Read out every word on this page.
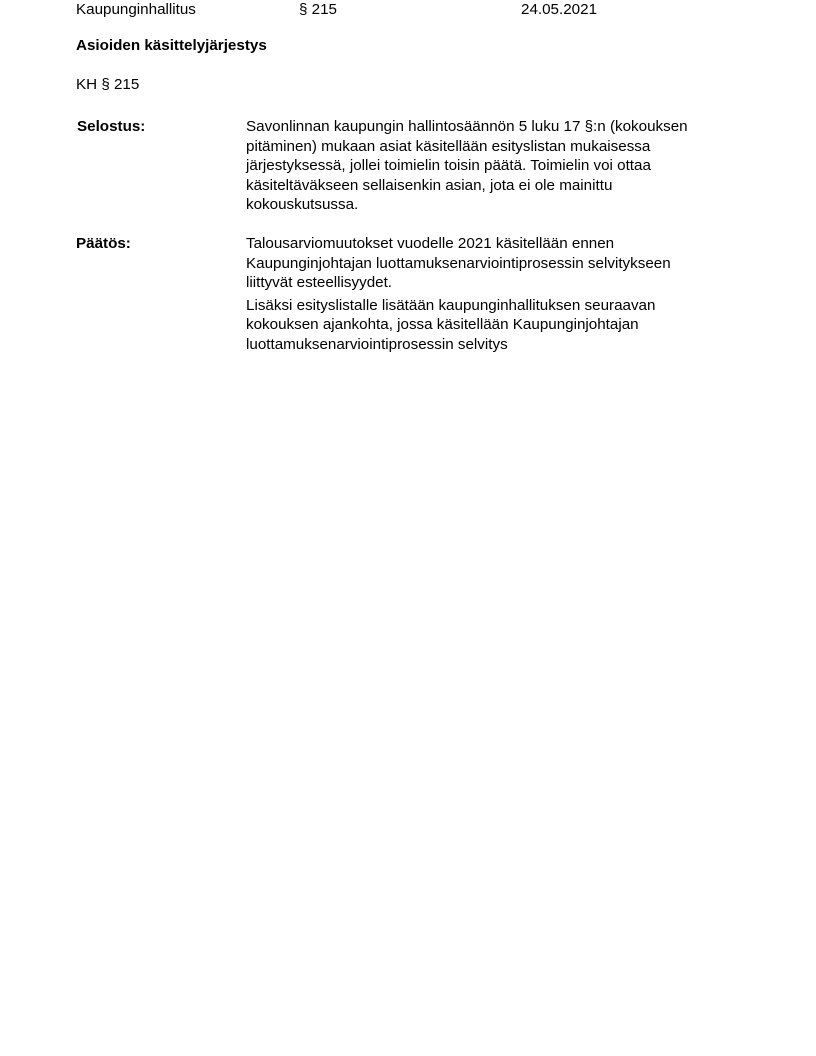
Kaupunginhallitus	§ 215	24.05.2021
Asioiden käsittelyjärjestys
KH § 215
Selostus:	Savonlinnan kaupungin hallintosäännön 5 luku 17 §:n (kokouksen
pitäminen) mukaan asiat käsitellään esityslistan mukaisessa
järjestyksessä, jollei toimielin toisin päätä. Toimielin voi ottaa
käsiteltäväkseen sellaisenkin asian, jota ei ole mainittu
kokouskutsussa.
Päätös:	Talousarviomuutokset vuodelle 2021 käsitellään ennen
Kaupunginjohtajan luottamuksenarviointiprosessin selvitykseen
liittyvät esteellisyydet.
Lisäksi esityslistalle lisätään kaupunginhallituksen seuraavan
kokouksen ajankohta, jossa käsitellään Kaupunginjohtajan
luottamuksenarviointiprosessin selvitys
